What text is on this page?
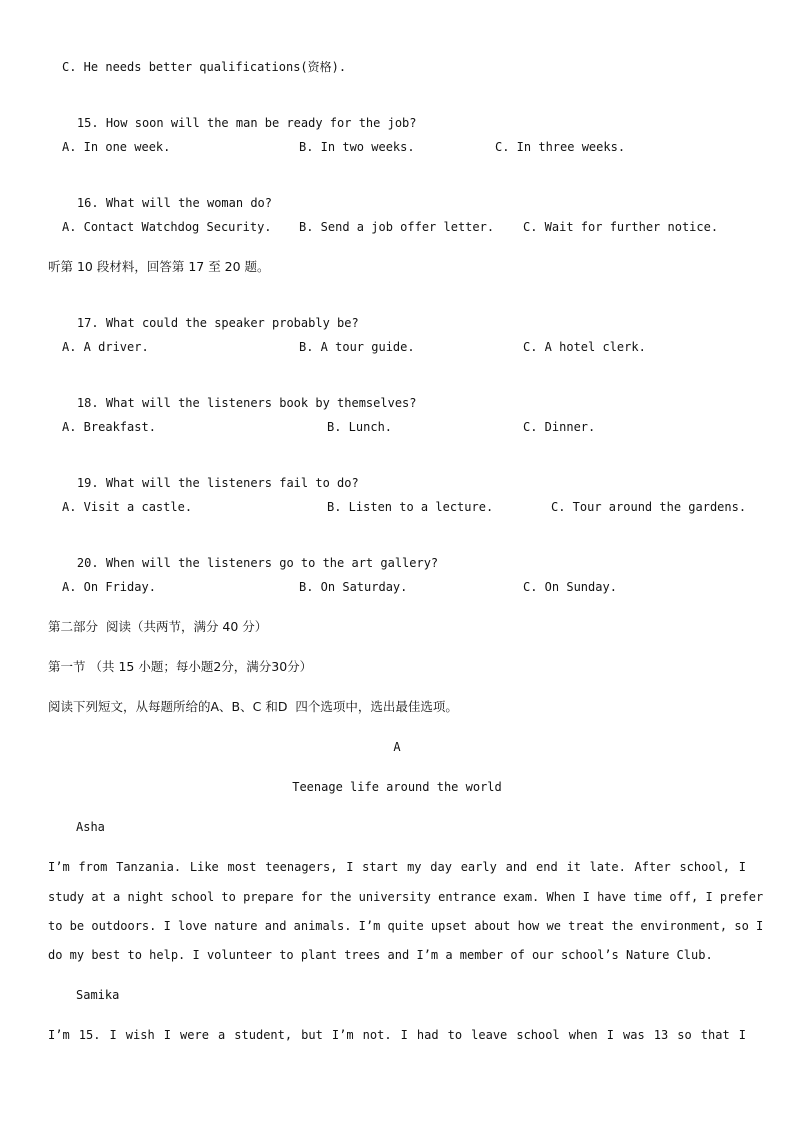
C. He needs better qualifications(资格).

15. How soon will the man be ready for the job?

A. In one week.	B. In two weeks.	C. In three weeks.

16. What will the woman do?

A. Contact Watchdog Security. B. Send a job offer letter. C. Wait for further notice.
听第 10 段材料，回答第 17 至 20 题。

17. What could the speaker probably be?

A. A driver.	B. A tour guide.	C. A hotel clerk.

18. What will the listeners book by themselves?

A. Breakfast.	B. Lunch.	C. Dinner.

19. What will the listeners fail to do?

A. Visit a castle.	B. Listen to a lecture.	C. Tour around the gardens.

20. When will the listeners go to the art gallery?

A. On Friday.	B. On Saturday.	C. On Sunday.
第二部分  阅读（共两节，满分 40 分）
第一节 （共 15 小题；每小题2分，满分30分）
阅读下列短文，从每题所给的A、B、C 和D  四个选项中，选出最佳选项。
A
Teenage life around the world
Asha
I’m from Tanzania. Like most teenagers, I start my day early and end it late. After school, I
study at a night school to prepare for the university entrance exam. When I have time off, I prefer
to be outdoors. I love nature and animals. I’m quite upset about how we treat the environment, so I
do my best to help. I volunteer to plant trees and I’m a member of our school’s Nature Club.
Samika
I’m 15. I wish I were a student, but I’m not. I had to leave school when I was 13 so that I
